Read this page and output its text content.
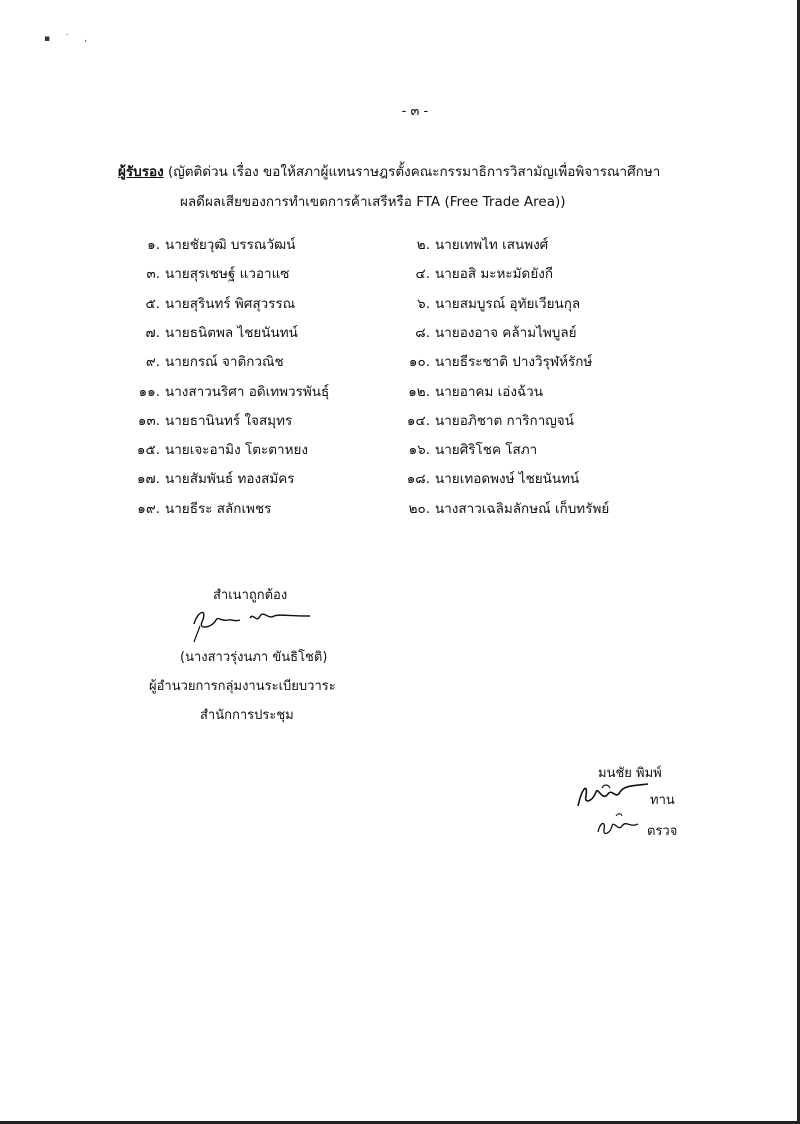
▪ ˙ ,
- ๓ -
ผู้รับรอง (ญัตติด่วน เรื่อง ขอให้สภาผู้แทนราษฎรตั้งคณะกรรมาธิการวิสามัญเพื่อพิจารณาศึกษา
ผลดีผลเสียของการทำเขตการค้าเสรีหรือ FTA (Free Trade Area))
๑. นายชัยวุฒิ บรรณวัฒน์	๒. นายเทพไท เสนพงศ์
๓. นายสุรเชษฐ์ แวอาแซ	๔. นายอสิ มะหะมัดยังกี
๕. นายสุรินทร์ พิศสุวรรณ	๖. นายสมบูรณ์ อุทัยเวียนกุล
๗. นายธนิตพล ไชยนันทน์	๘. นายองอาจ คล้ามไพบูลย์
๙. นายกรณ์ จาติกวณิช	๑๐. นายธีระชาติ ปางวิรุฬห์รักษ์
๑๑. นางสาวนริศา อดิเทพวรพันธุ์	๑๒. นายอาคม เอ่งฉ้วน
๑๓. นายธานินทร์ ใจสมุทร	๑๔. นายอภิชาต การิกาญจน์
๑๕. นายเจะอามิง โตะตาหยง	๑๖. นายศิริโชค โสภา
๑๗. นายสัมพันธ์ ทองสมัคร	๑๘. นายเทอดพงษ์ ไชยนันทน์
๑๙. นายธีระ สลักเพชร	๒๐. นางสาวเฉลิมลักษณ์ เก็บทรัพย์
สำเนาถูกต้อง
(นางสาวรุ่งนภา ขันธิโชติ)
ผู้อำนวยการกลุ่มงานระเบียบวาระ
สำนักการประชุม
มนชัย พิมพ์
ทาน
ตรวจ
